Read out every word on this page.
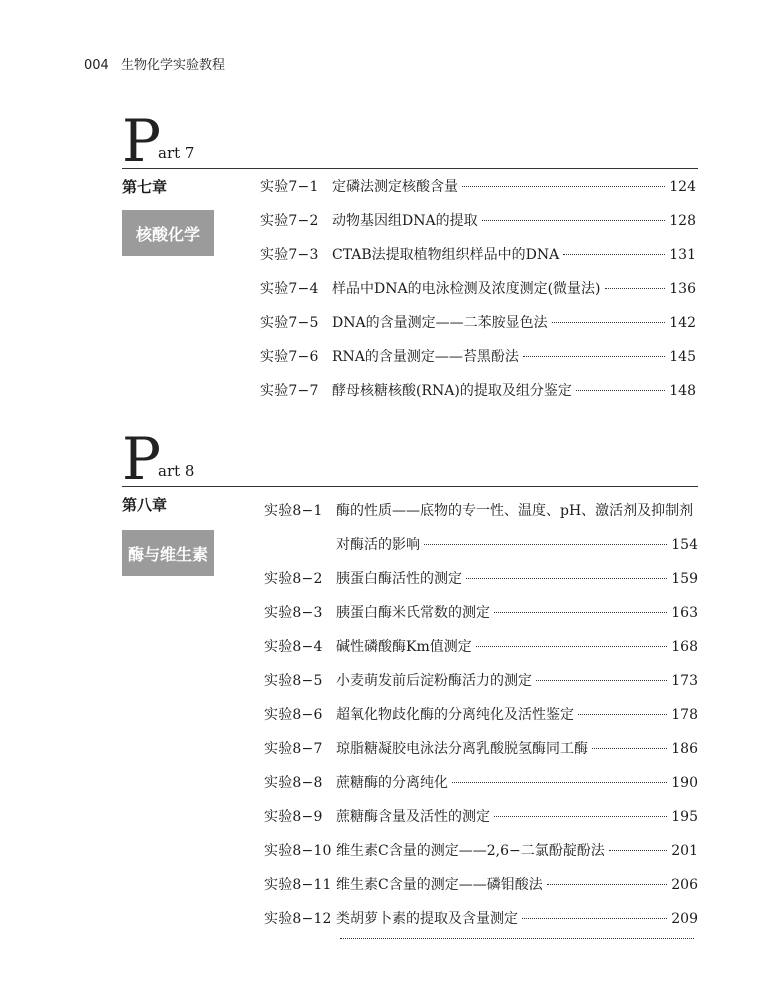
004 生物化学实验教程
P
art 7
第七章
核酸化学
实验7−1 定磷法测定核酸含量	124
实验7−2 动物基因组DNA的提取	128
实验7−3 CTAB法提取植物组织样品中的DNA	131
实验7−4 样品中DNA的电泳检测及浓度测定(微量法)	136
实验7−5 DNA的含量测定——二苯胺显色法	142
实验7−6 RNA的含量测定——苔黑酚法	145
实验7−7 酵母核糖核酸(RNA)的提取及组分鉴定	148
P
art 8
第八章
酶与维生素
实验8−1 酶的性质——底物的专一性、温度、pH、激活剂及抑制剂
对酶活的影响	154
实验8−2 胰蛋白酶活性的测定	159
实验8−3 胰蛋白酶米氏常数的测定	163
实验8−4 碱性磷酸酶Km值测定	168
实验8−5 小麦萌发前后淀粉酶活力的测定	173
实验8−6 超氧化物歧化酶的分离纯化及活性鉴定	178
实验8−7 琼脂糖凝胶电泳法分离乳酸脱氢酶同工酶	186
实验8−8 蔗糖酶的分离纯化	190
实验8−9 蔗糖酶含量及活性的测定	195
实验8−10 维生素C含量的测定——2,6−二氯酚靛酚法	201
实验8−11 维生素C含量的测定——磷钼酸法	206
实验8−12 类胡萝卜素的提取及含量测定	209
